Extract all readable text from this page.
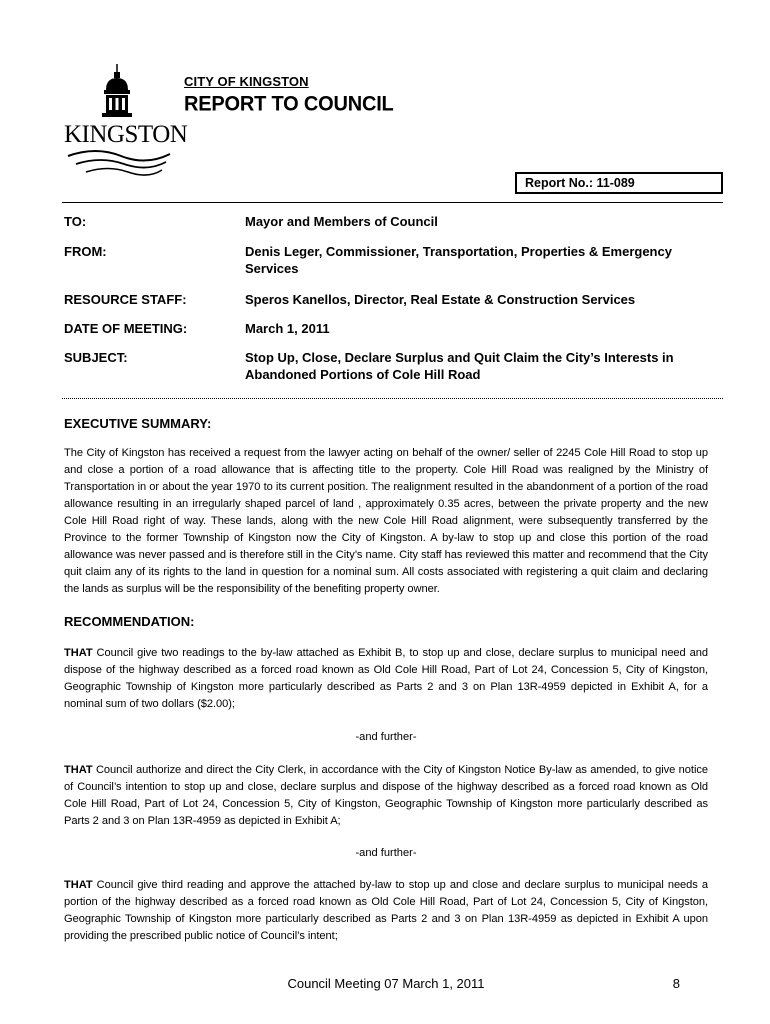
KINGSTON
CITY OF KINGSTON
REPORT TO COUNCIL
Report No.: 11-089
TO:	Mayor and Members of Council
FROM:	Denis Leger, Commissioner, Transportation, Properties & Emergency Services
RESOURCE STAFF:	Speros Kanellos, Director, Real Estate & Construction Services
DATE OF MEETING:	March 1, 2011
SUBJECT:	Stop Up, Close, Declare Surplus and Quit Claim the City’s Interests in Abandoned Portions of Cole Hill Road
EXECUTIVE SUMMARY:
The City of Kingston has received a request from the lawyer acting on behalf of the owner/ seller of 2245 Cole Hill Road to stop up and close a portion of a road allowance that is affecting title to the property. Cole Hill Road was realigned by the Ministry of Transportation in or about the year 1970 to its current position. The realignment resulted in the abandonment of a portion of the road allowance resulting in an irregularly shaped parcel of land , approximately 0.35 acres, between the private property and the new Cole Hill Road right of way. These lands, along with the new Cole Hill Road alignment, were subsequently transferred by the Province to the former Township of Kingston now the City of Kingston. A by-law to stop up and close this portion of the road allowance was never passed and is therefore still in the City’s name. City staff has reviewed this matter and recommend that the City quit claim any of its rights to the land in question for a nominal sum. All costs associated with registering a quit claim and declaring the lands as surplus will be the responsibility of the benefiting property owner.
RECOMMENDATION:
THAT Council give two readings to the by-law attached as Exhibit B, to stop up and close, declare surplus to municipal need and dispose of the highway described as a forced road known as Old Cole Hill Road, Part of Lot 24, Concession 5, City of Kingston, Geographic Township of Kingston more particularly described as Parts 2 and 3 on Plan 13R-4959 depicted in Exhibit A, for a nominal sum of two dollars ($2.00);
-and further-
THAT Council authorize and direct the City Clerk, in accordance with the City of Kingston Notice By-law as amended, to give notice of Council’s intention to stop up and close, declare surplus and dispose of the highway described as a forced road known as Old Cole Hill Road, Part of Lot 24, Concession 5, City of Kingston, Geographic Township of Kingston more particularly described as Parts 2 and 3 on Plan 13R-4959 as depicted in Exhibit A;
-and further-
THAT Council give third reading and approve the attached by-law to stop up and close and declare surplus to municipal needs a portion of the highway described as a forced road known as Old Cole Hill Road, Part of Lot 24, Concession 5, City of Kingston, Geographic Township of Kingston more particularly described as Parts 2 and 3 on Plan 13R-4959 as depicted in Exhibit A upon providing the prescribed public notice of Council’s intent;
Council Meeting 07 March 1, 2011	8
